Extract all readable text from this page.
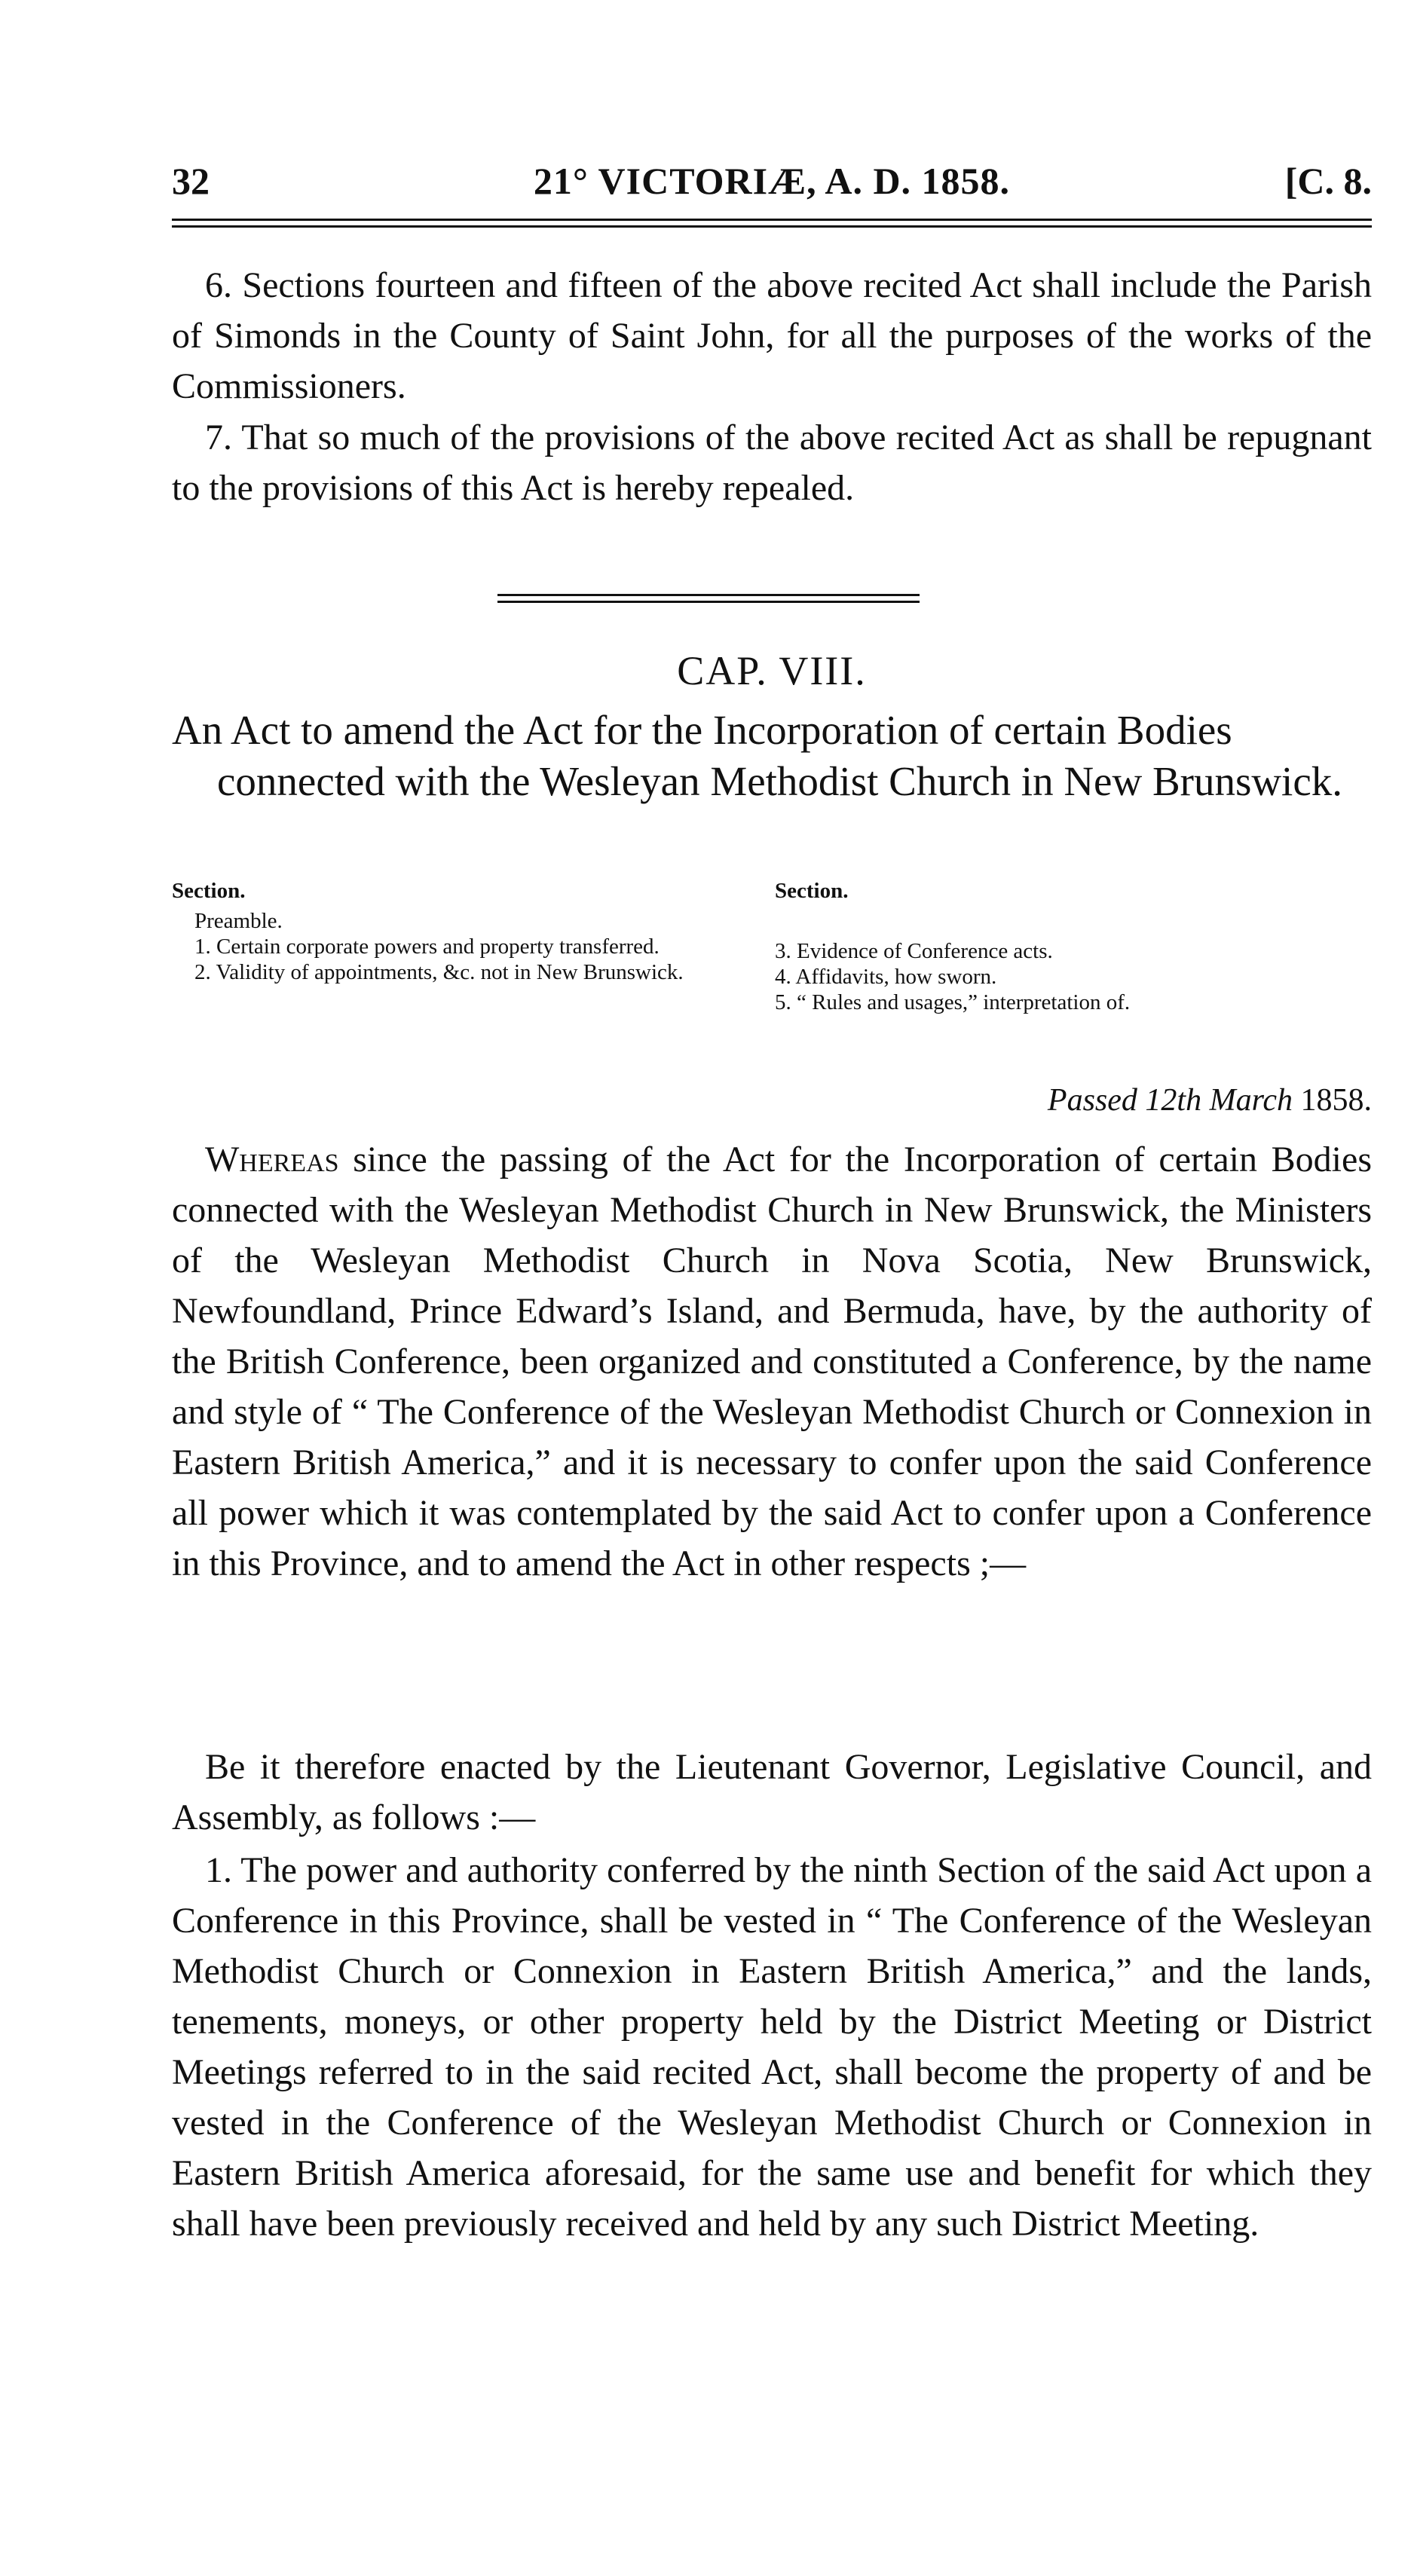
21° VICTORIÆ, A. D. 1858.
32	[C. 8.

6. Sections fourteen and fifteen of the above recited Act shall include the Parish of Simonds in the County of Saint John, for all the purposes of the works of the Commissioners.

7. That so much of the provisions of the above recited Act as shall be repugnant to the provisions of this Act is hereby repealed.

CAP. VIII.

An Act to amend the Act for the Incorporation of certain Bodies connected with the Wesleyan Methodist Church in New Brunswick.

Section.
Preamble.
1. Certain corporate powers and property transferred.
2. Validity of appointments, &c. not in New Brunswick.
Section.
3. Evidence of Conference acts.
4. Affidavits, how sworn.
5. “ Rules and usages,” interpretation of.
Passed 12th March 1858.

Whereas since the passing of the Act for the Incorporation of certain Bodies connected with the Wesleyan Methodist Church in New Brunswick, the Ministers of the Wesleyan Methodist Church in Nova Scotia, New Brunswick, Newfoundland, Prince Edward’s Island, and Bermuda, have, by the authority of the British Conference, been organized and constituted a Conference, by the name and style of “ The Conference of the Wesleyan Methodist Church or Connexion in Eastern British America,” and it is necessary to confer upon the said Conference all power which it was contemplated by the said Act to confer upon a Conference in this Province, and to amend the Act in other respects ;—

Be it therefore enacted by the Lieutenant Governor, Legislative Council, and Assembly, as follows :—

1. The power and authority conferred by the ninth Section of the said Act upon a Conference in this Province, shall be vested in “ The Conference of the Wesleyan Methodist Church or Connexion in Eastern British America,” and the lands, tenements, moneys, or other property held by the District Meeting or District Meetings referred to in the said recited Act, shall become the property of and be vested in the Conference of the Wesleyan Methodist Church or Connexion in Eastern British America aforesaid, for the same use and benefit for which they shall have been previously received and held by any such District Meeting.
